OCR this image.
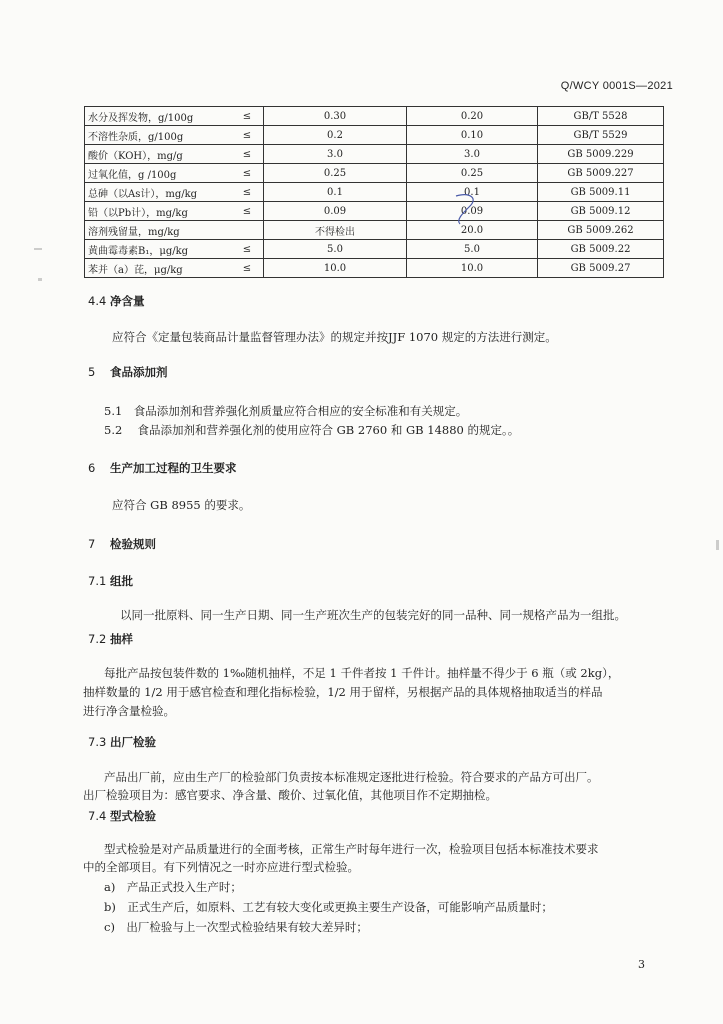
Q/WCY 0001S—2021
水分及挥发物，g/100g	≤	0.30	0.20	GB/T 5528
不溶性杂质，g/100g	≤	0.2	0.10	GB/T 5529
酸价（KOH），mg/g	≤	3.0	3.0	GB 5009.229
过氧化值，g /100g	≤	0.25	0.25	GB 5009.227
总砷（以As计），mg/kg	≤	0.1	0.1	GB 5009.11
铅（以Pb计），mg/kg	≤	0.09	0.09	GB 5009.12
溶剂残留量，mg/kg		不得检出	20.0	GB 5009.262
黄曲霉毒素B₁，μg/kg	≤	5.0	5.0	GB 5009.22
苯并（a）芘，μg/kg	≤	10.0	10.0	GB 5009.27
4.4 净含量
应符合《定量包装商品计量监督管理办法》的规定并按JJF 1070 规定的方法进行测定。
5 食品添加剂
5.1　食品添加剂和营养强化剂质量应符合相应的安全标准和有关规定。
5.2　 食品添加剂和营养强化剂的使用应符合 GB 2760 和 GB 14880 的规定。。
6 生产加工过程的卫生要求
应符合 GB 8955 的要求。
7 检验规则
7.1 组批
以同一批原料、同一生产日期、同一生产班次生产的包装完好的同一品种、同一规格产品为一组批。
7.2 抽样
每批产品按包装件数的 1‰随机抽样，不足 1 千件者按 1 千件计。抽样量不得少于 6 瓶（或 2kg），
抽样数量的 1/2 用于感官检查和理化指标检验，1/2 用于留样，另根据产品的具体规格抽取适当的样品
进行净含量检验。
7.3 出厂检验
产品出厂前，应由生产厂的检验部门负责按本标准规定逐批进行检验。符合要求的产品方可出厂。
出厂检验项目为：感官要求、净含量、酸价、过氧化值，其他项目作不定期抽检。
7.4 型式检验
型式检验是对产品质量进行的全面考核，正常生产时每年进行一次，检验项目包括本标准技术要求
中的全部项目。有下列情况之一时亦应进行型式检验。
a)　产品正式投入生产时；
b)　正式生产后，如原料、工艺有较大变化或更换主要生产设备，可能影响产品质量时；
c)　出厂检验与上一次型式检验结果有较大差异时；
3
